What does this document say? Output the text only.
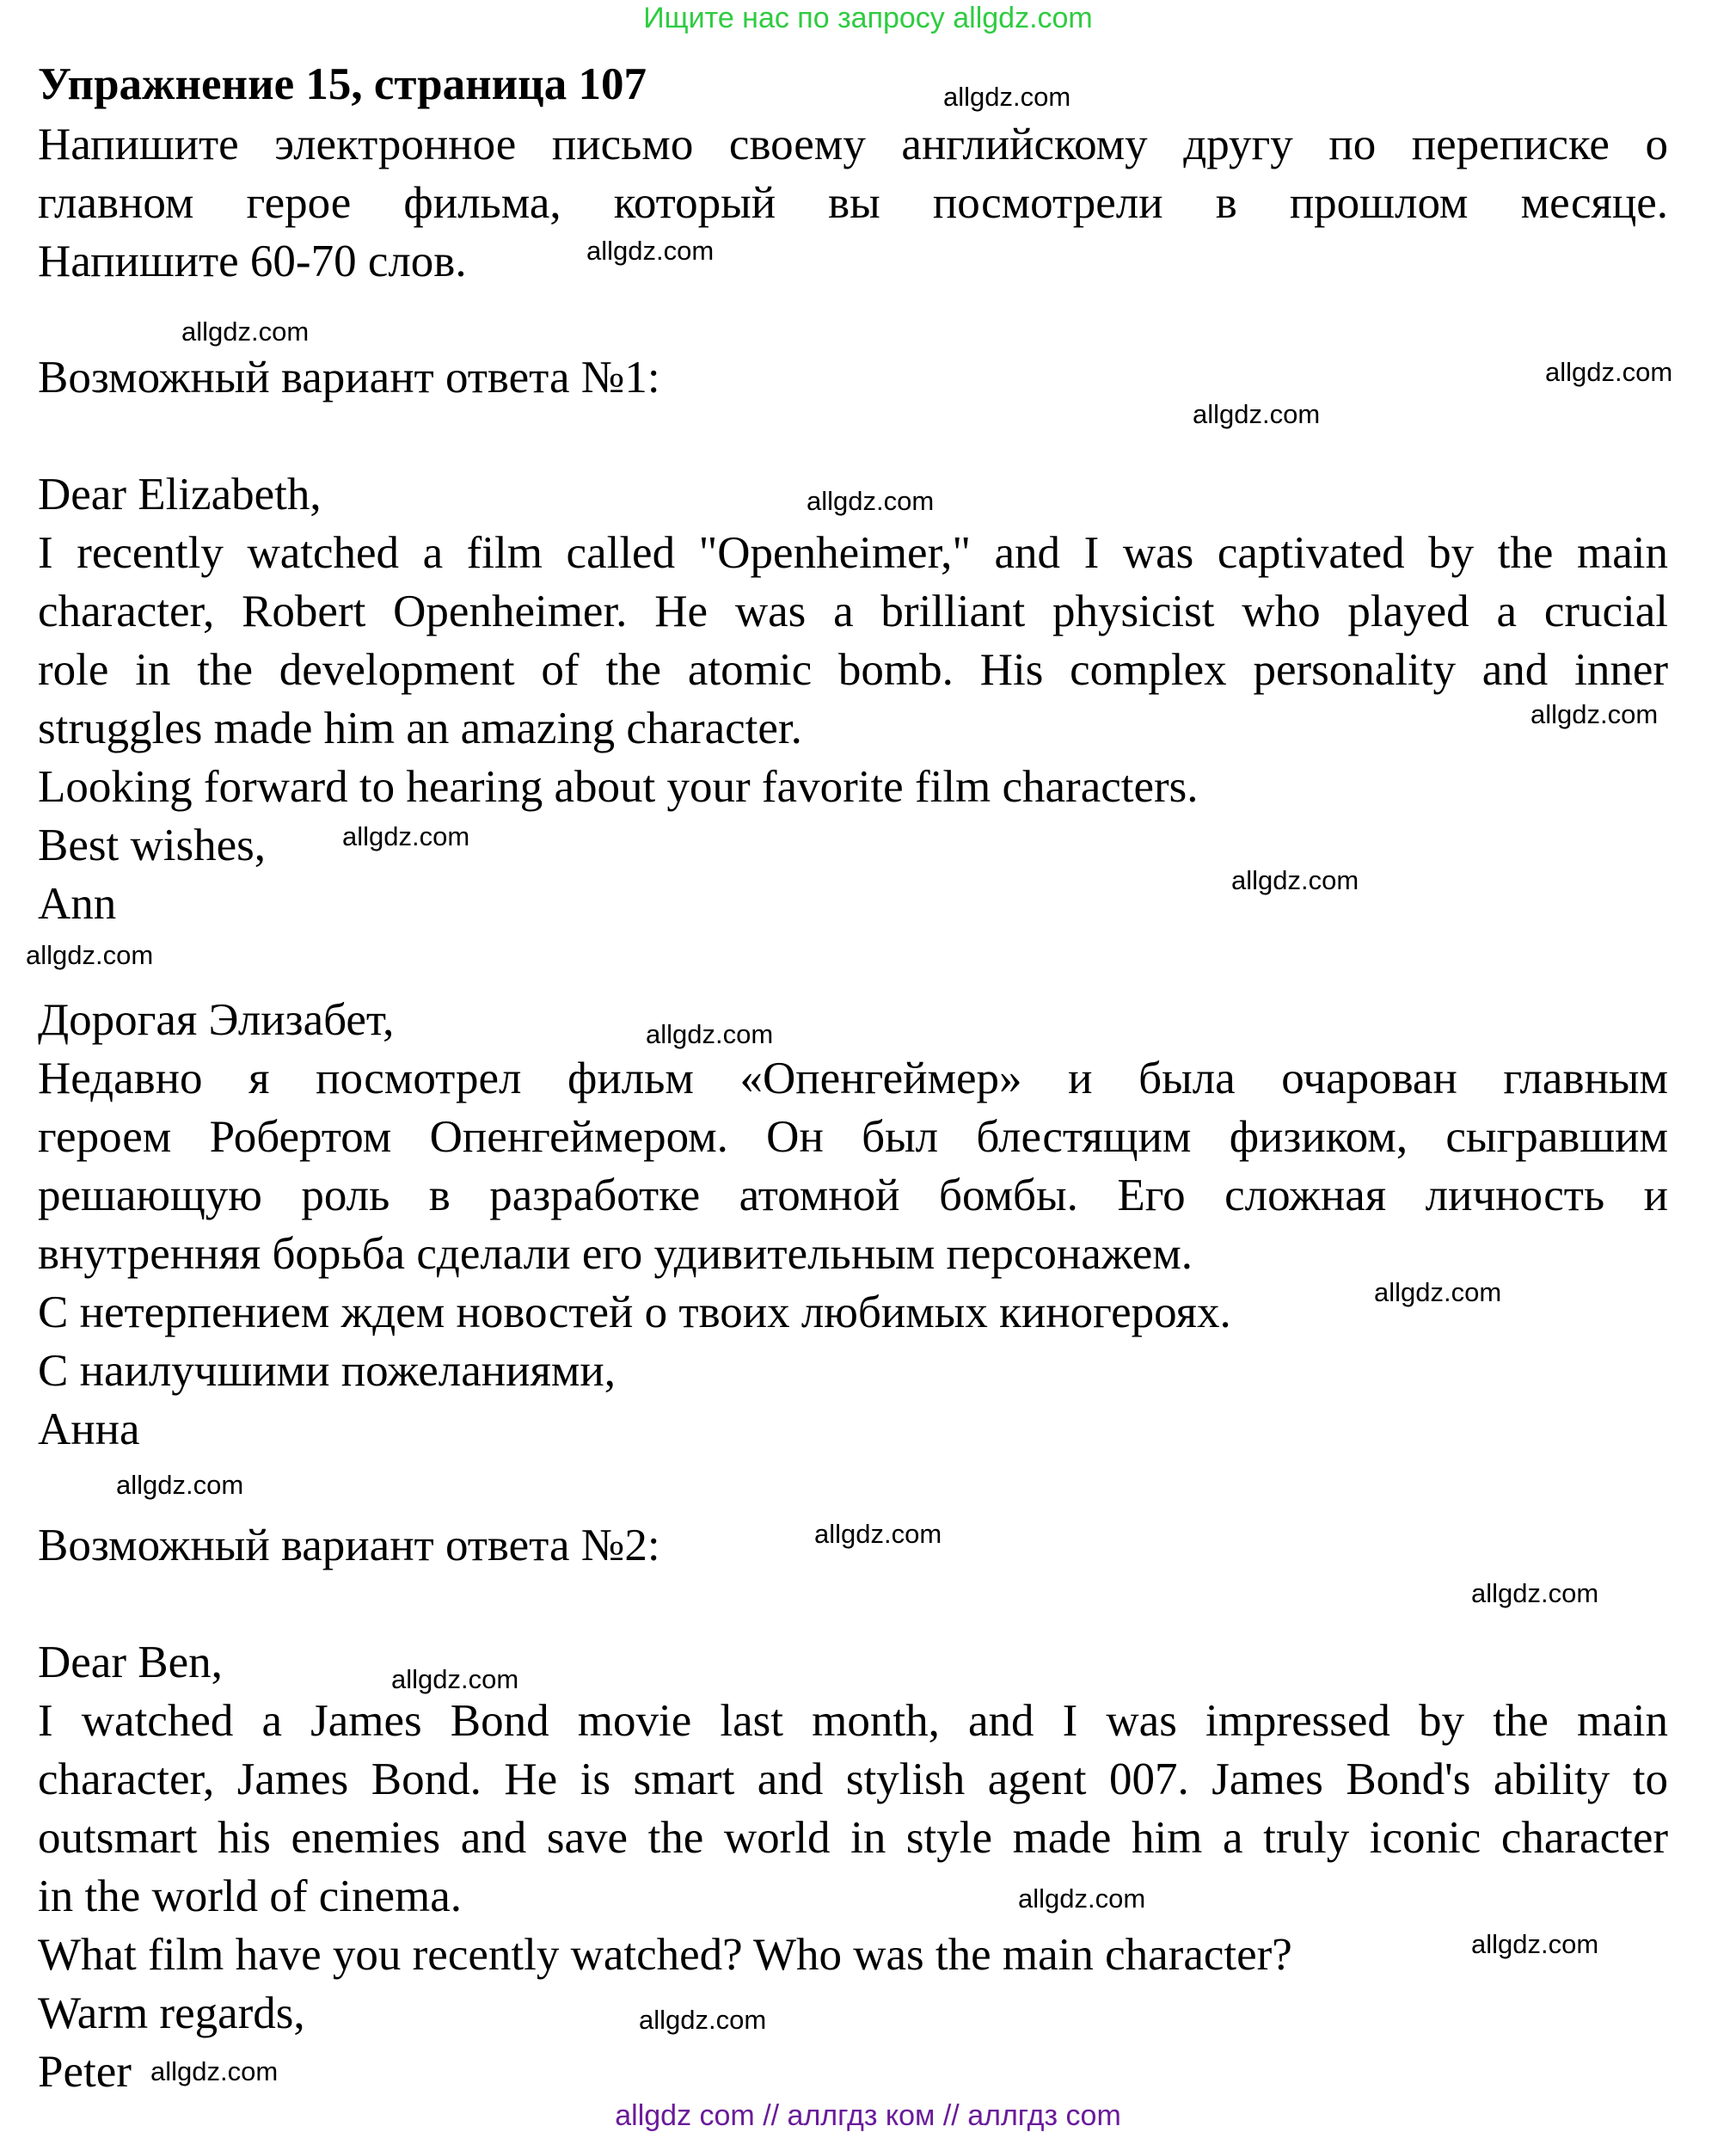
Ищите нас по запросу allgdz.com
Упражнение 15, страница 107
Напишите электронное письмо своему английскому другу по переписке о
главном герое фильма, который вы посмотрели в прошлом месяце.
Напишите 60-70 слов.
Возможный вариант ответа №1:
Dear Elizabeth,
I recently watched a film called "Openheimer," and I was captivated by the main
character, Robert Openheimer. He was a brilliant physicist who played a crucial
role in the development of the atomic bomb. His complex personality and inner
struggles made him an amazing character.
Looking forward to hearing about your favorite film characters.
Best wishes,
Ann
Дорогая Элизабет,
Недавно я посмотрел фильм «Опенгеймер» и была очарован главным
героем Робертом Опенгеймером. Он был блестящим физиком, сыгравшим
решающую роль в разработке атомной бомбы. Его сложная личность и
внутренняя борьба сделали его удивительным персонажем.
С нетерпением ждем новостей о твоих любимых киногероях.
С наилучшими пожеланиями,
Анна
Возможный вариант ответа №2:
Dear Ben,
I watched a James Bond movie last month, and I was impressed by the main
character, James Bond. He is smart and stylish agent 007. James Bond's ability to
outsmart his enemies and save the world in style made him a truly iconic character
in the world of cinema.
What film have you recently watched? Who was the main character?
Warm regards,
Peter
allgdz.com
allgdz.com
allgdz.com
allgdz.com
allgdz.com
allgdz.com
allgdz.com
allgdz.com
allgdz.com
allgdz.com
allgdz.com
allgdz.com
allgdz.com
allgdz.com
allgdz.com
allgdz.com
allgdz.com
allgdz.com
allgdz.com
allgdz.com
allgdz com // аллгдз ком // аллгдз com
